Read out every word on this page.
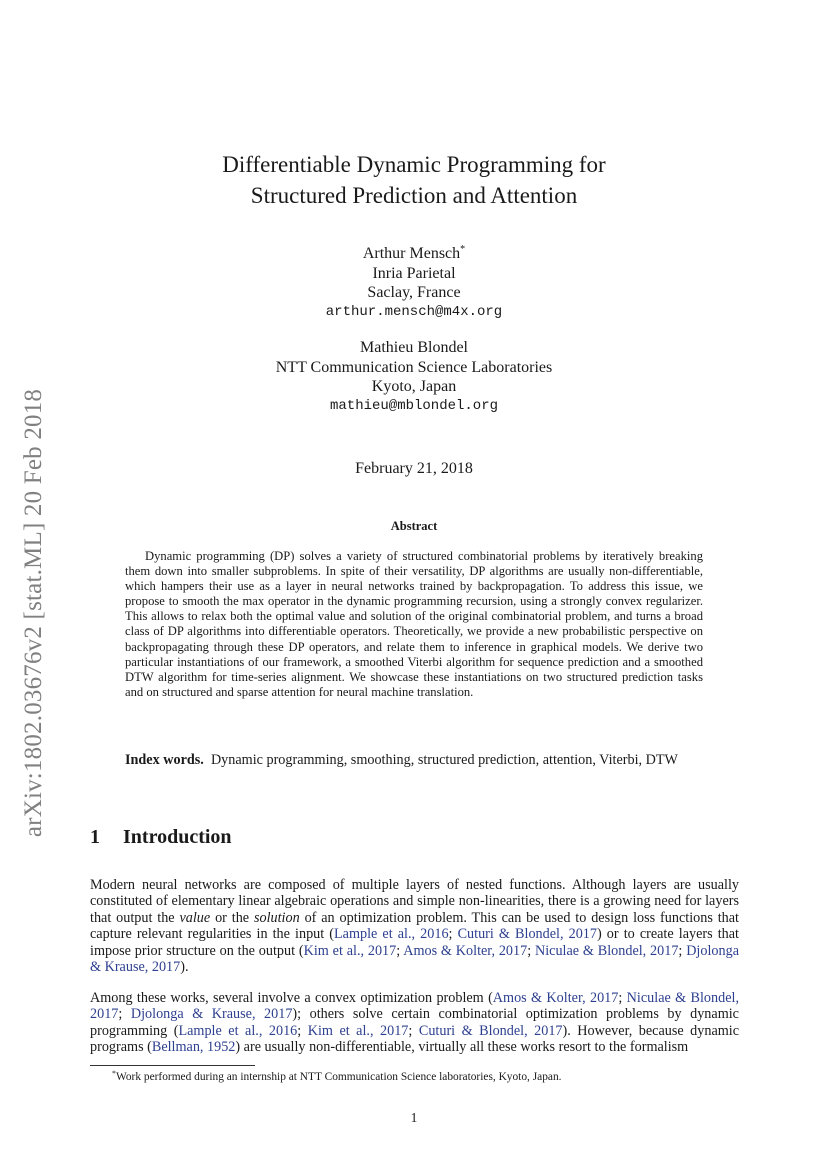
arXiv:1802.03676v2 [stat.ML] 20 Feb 2018
Differentiable Dynamic Programming for
Structured Prediction and Attention
Arthur Mensch*
Inria Parietal
Saclay, France
arthur.mensch@m4x.org
Mathieu Blondel
NTT Communication Science Laboratories
Kyoto, Japan
mathieu@mblondel.org
February 21, 2018
Abstract
Dynamic programming (DP) solves a variety of structured combinatorial problems by iteratively breaking them down into smaller subproblems. In spite of their versatility, DP algorithms are usually non-differentiable, which hampers their use as a layer in neural networks trained by backpropagation. To address this issue, we propose to smooth the max operator in the dynamic programming recursion, using a strongly convex regularizer. This allows to relax both the optimal value and solution of the original combinatorial problem, and turns a broad class of DP algorithms into differentiable operators. Theoretically, we provide a new probabilistic perspective on backpropagating through these DP operators, and relate them to inference in graphical models. We derive two particular instantiations of our framework, a smoothed Viterbi algorithm for sequence prediction and a smoothed DTW algorithm for time-series alignment. We showcase these instantiations on two structured prediction tasks and on structured and sparse attention for neural machine translation.
Index words. Dynamic programming, smoothing, structured prediction, attention, Viterbi, DTW
1 Introduction
Modern neural networks are composed of multiple layers of nested functions. Although layers are usually constituted of elementary linear algebraic operations and simple non-linearities, there is a growing need for layers that output the value or the solution of an optimization problem. This can be used to design loss functions that capture relevant regularities in the input (Lample et al., 2016; Cuturi & Blondel, 2017) or to create layers that impose prior structure on the output (Kim et al., 2017; Amos & Kolter, 2017; Niculae & Blondel, 2017; Djolonga & Krause, 2017).
Among these works, several involve a convex optimization problem (Amos & Kolter, 2017; Niculae & Blondel, 2017; Djolonga & Krause, 2017); others solve certain combinatorial optimization problems by dynamic programming (Lample et al., 2016; Kim et al., 2017; Cuturi & Blondel, 2017). However, because dynamic programs (Bellman, 1952) are usually non-differentiable, virtually all these works resort to the formalism
*Work performed during an internship at NTT Communication Science laboratories, Kyoto, Japan.
1
